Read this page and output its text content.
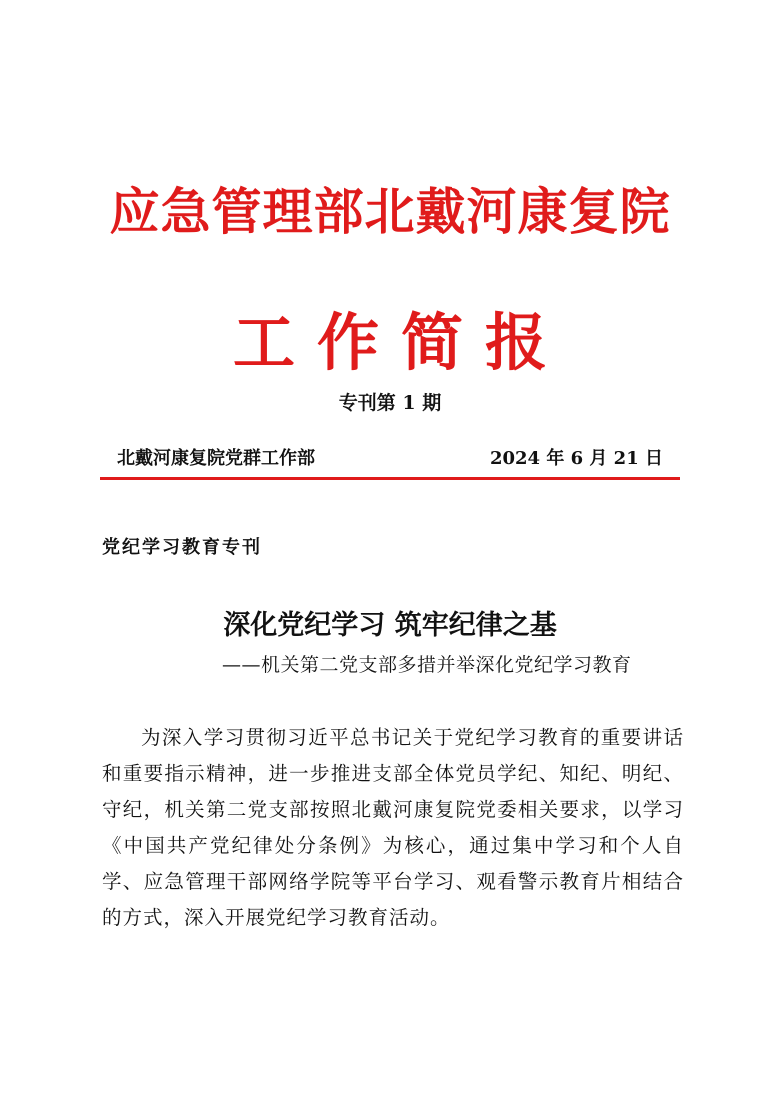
应急管理部北戴河康复院
工作简报
专刊第 1 期
北戴河康复院党群工作部	2024 年 6 月 21 日
党纪学习教育专刊
深化党纪学习 筑牢纪律之基
——机关第二党支部多措并举深化党纪学习教育

为深入学习贯彻习近平总书记关于党纪学习教育的重要讲话和重要指示精神，进一步推进支部全体党员学纪、知纪、明纪、守纪，机关第二党支部按照北戴河康复院党委相关要求，以学习《中国共产党纪律处分条例》为核心，通过集中学习和个人自学、应急管理干部网络学院等平台学习、观看警示教育片相结合的方式，深入开展党纪学习教育活动。
